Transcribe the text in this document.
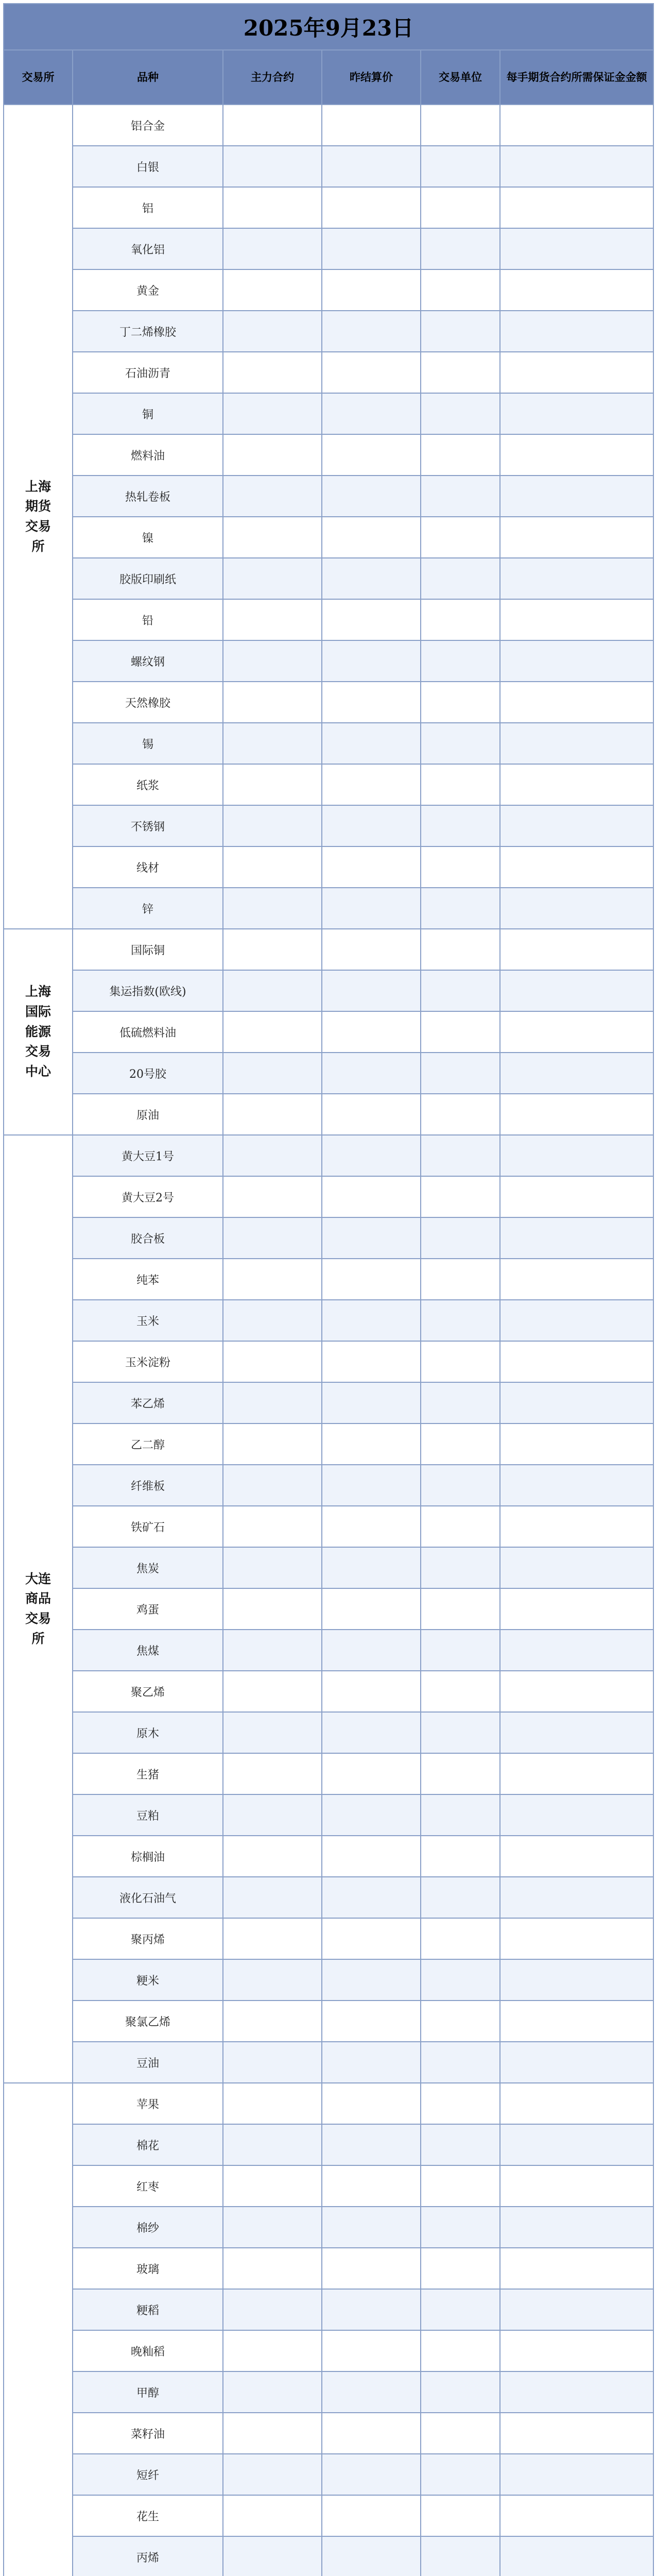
2025年9月23日					
交易所	品种	主力合约	昨结算价	交易单位	每手期货合约所需保证金金额
上海期货交易所	铝合金				
	白银				
	铝				
	氧化铝				
	黄金				
	丁二烯橡胶				
	石油沥青				
	铜				
	燃料油				
	热轧卷板				
	镍				
	胶版印刷纸				
	铅				
	螺纹钢				
	天然橡胶				
	锡				
	纸浆				
	不锈钢				
	线材				
	锌				
上海国际能源交易中心	国际铜				
	集运指数(欧线)				
	低硫燃料油				
	20号胶				
	原油				
大连商品交易所	黄大豆1号				
	黄大豆2号				
	胶合板				
	纯苯				
	玉米				
	玉米淀粉				
	苯乙烯				
	乙二醇				
	纤维板				
	铁矿石				
	焦炭				
	鸡蛋				
	焦煤				
	聚乙烯				
	原木				
	生猪				
	豆粕				
	棕榈油				
	液化石油气				
	聚丙烯				
	粳米				
	聚氯乙烯				
	豆油				
	苹果				
	棉花				
	红枣				
	棉纱				
	玻璃				
	粳稻				
	晚籼稻				
	甲醇				
	菜籽油				
	短纤				
	花生				
	丙烯				
